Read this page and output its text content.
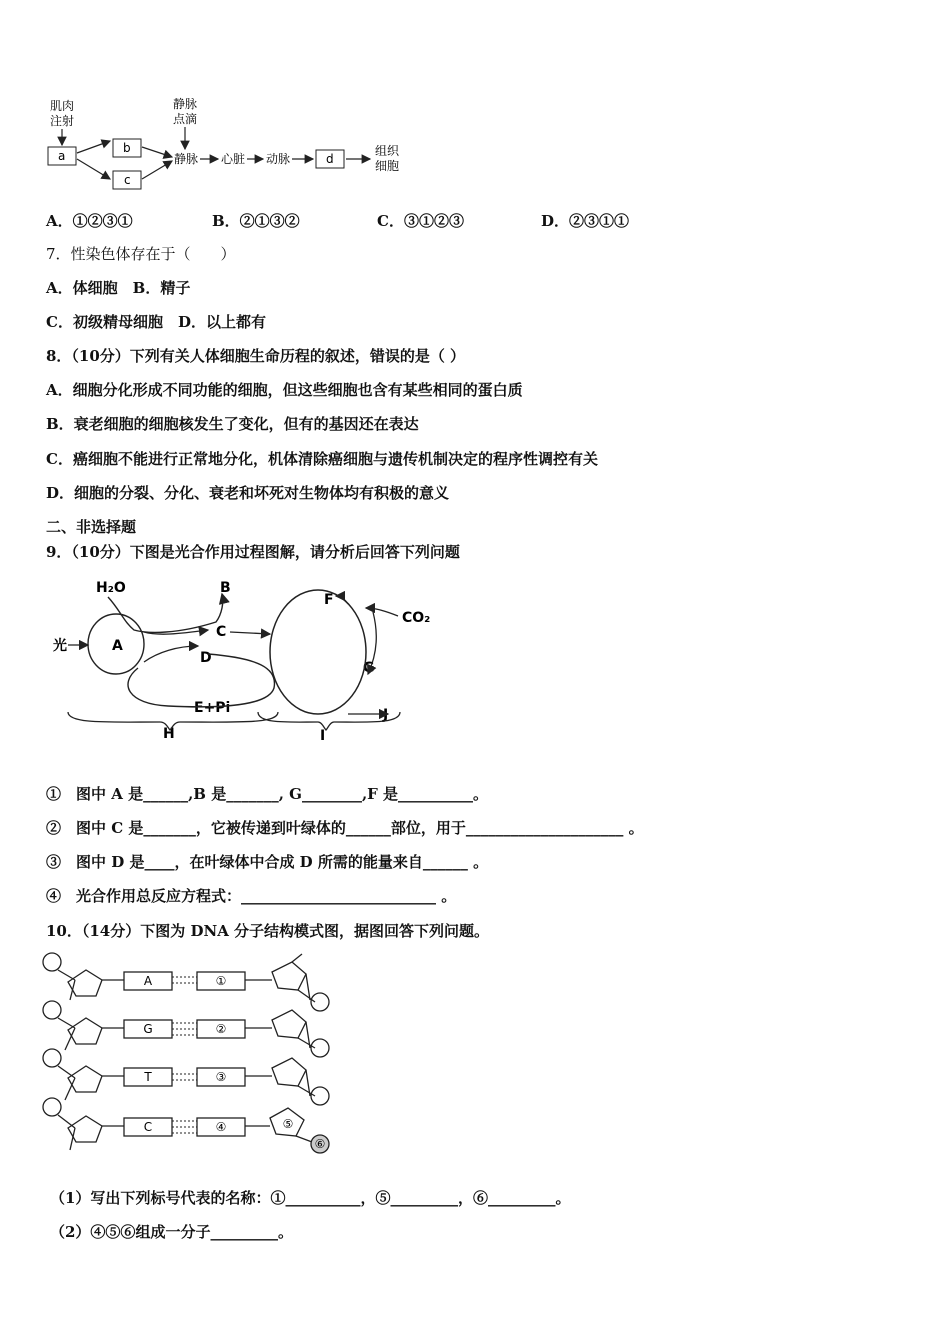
肌肉
注射
a
b
c
静脉
点滴
静脉 心脏 动脉	d
组织
细胞
A．①②③①	B．②①③②	C．③①②③	D．②③①①
7．性染色体存在于（　　）
A．体细胞　B．精子
C．初级精母细胞　D．以上都有
8．（10分）下列有关人体细胞生命历程的叙述，错误的是（ ）
A．细胞分化形成不同功能的细胞，但这些细胞也含有某些相同的蛋白质
B．衰老细胞的细胞核发生了变化，但有的基因还在表达
C．癌细胞不能进行正常地分化，机体清除癌细胞与遗传机制决定的程序性调控有关
D．细胞的分裂、分化、衰老和坏死对生物体均有积极的意义
二、非选择题
9．（10分）下图是光合作用过程图解，请分析后回答下列问题
H₂O	B
光	A
C
D
E+Pi
H
F
CO₂
G
J
I
①　图中 A 是______,B 是_______, G________,F 是__________。
②　图中 C 是_______，它被传递到叶绿体的______部位，用于_____________________ 。
③　图中 D 是____，在叶绿体中合成 D 所需的能量来自______ 。
④　光合作用总反应方程式：__________________________ 。
10．（14分）下图为 DNA 分子结构模式图，据图回答下列问题。
A
G
T
C
①
②
③
④	⑤
⑥
（1）写出下列标号代表的名称：①__________，⑤_________，⑥_________。
（2）④⑤⑥组成一分子_________。
